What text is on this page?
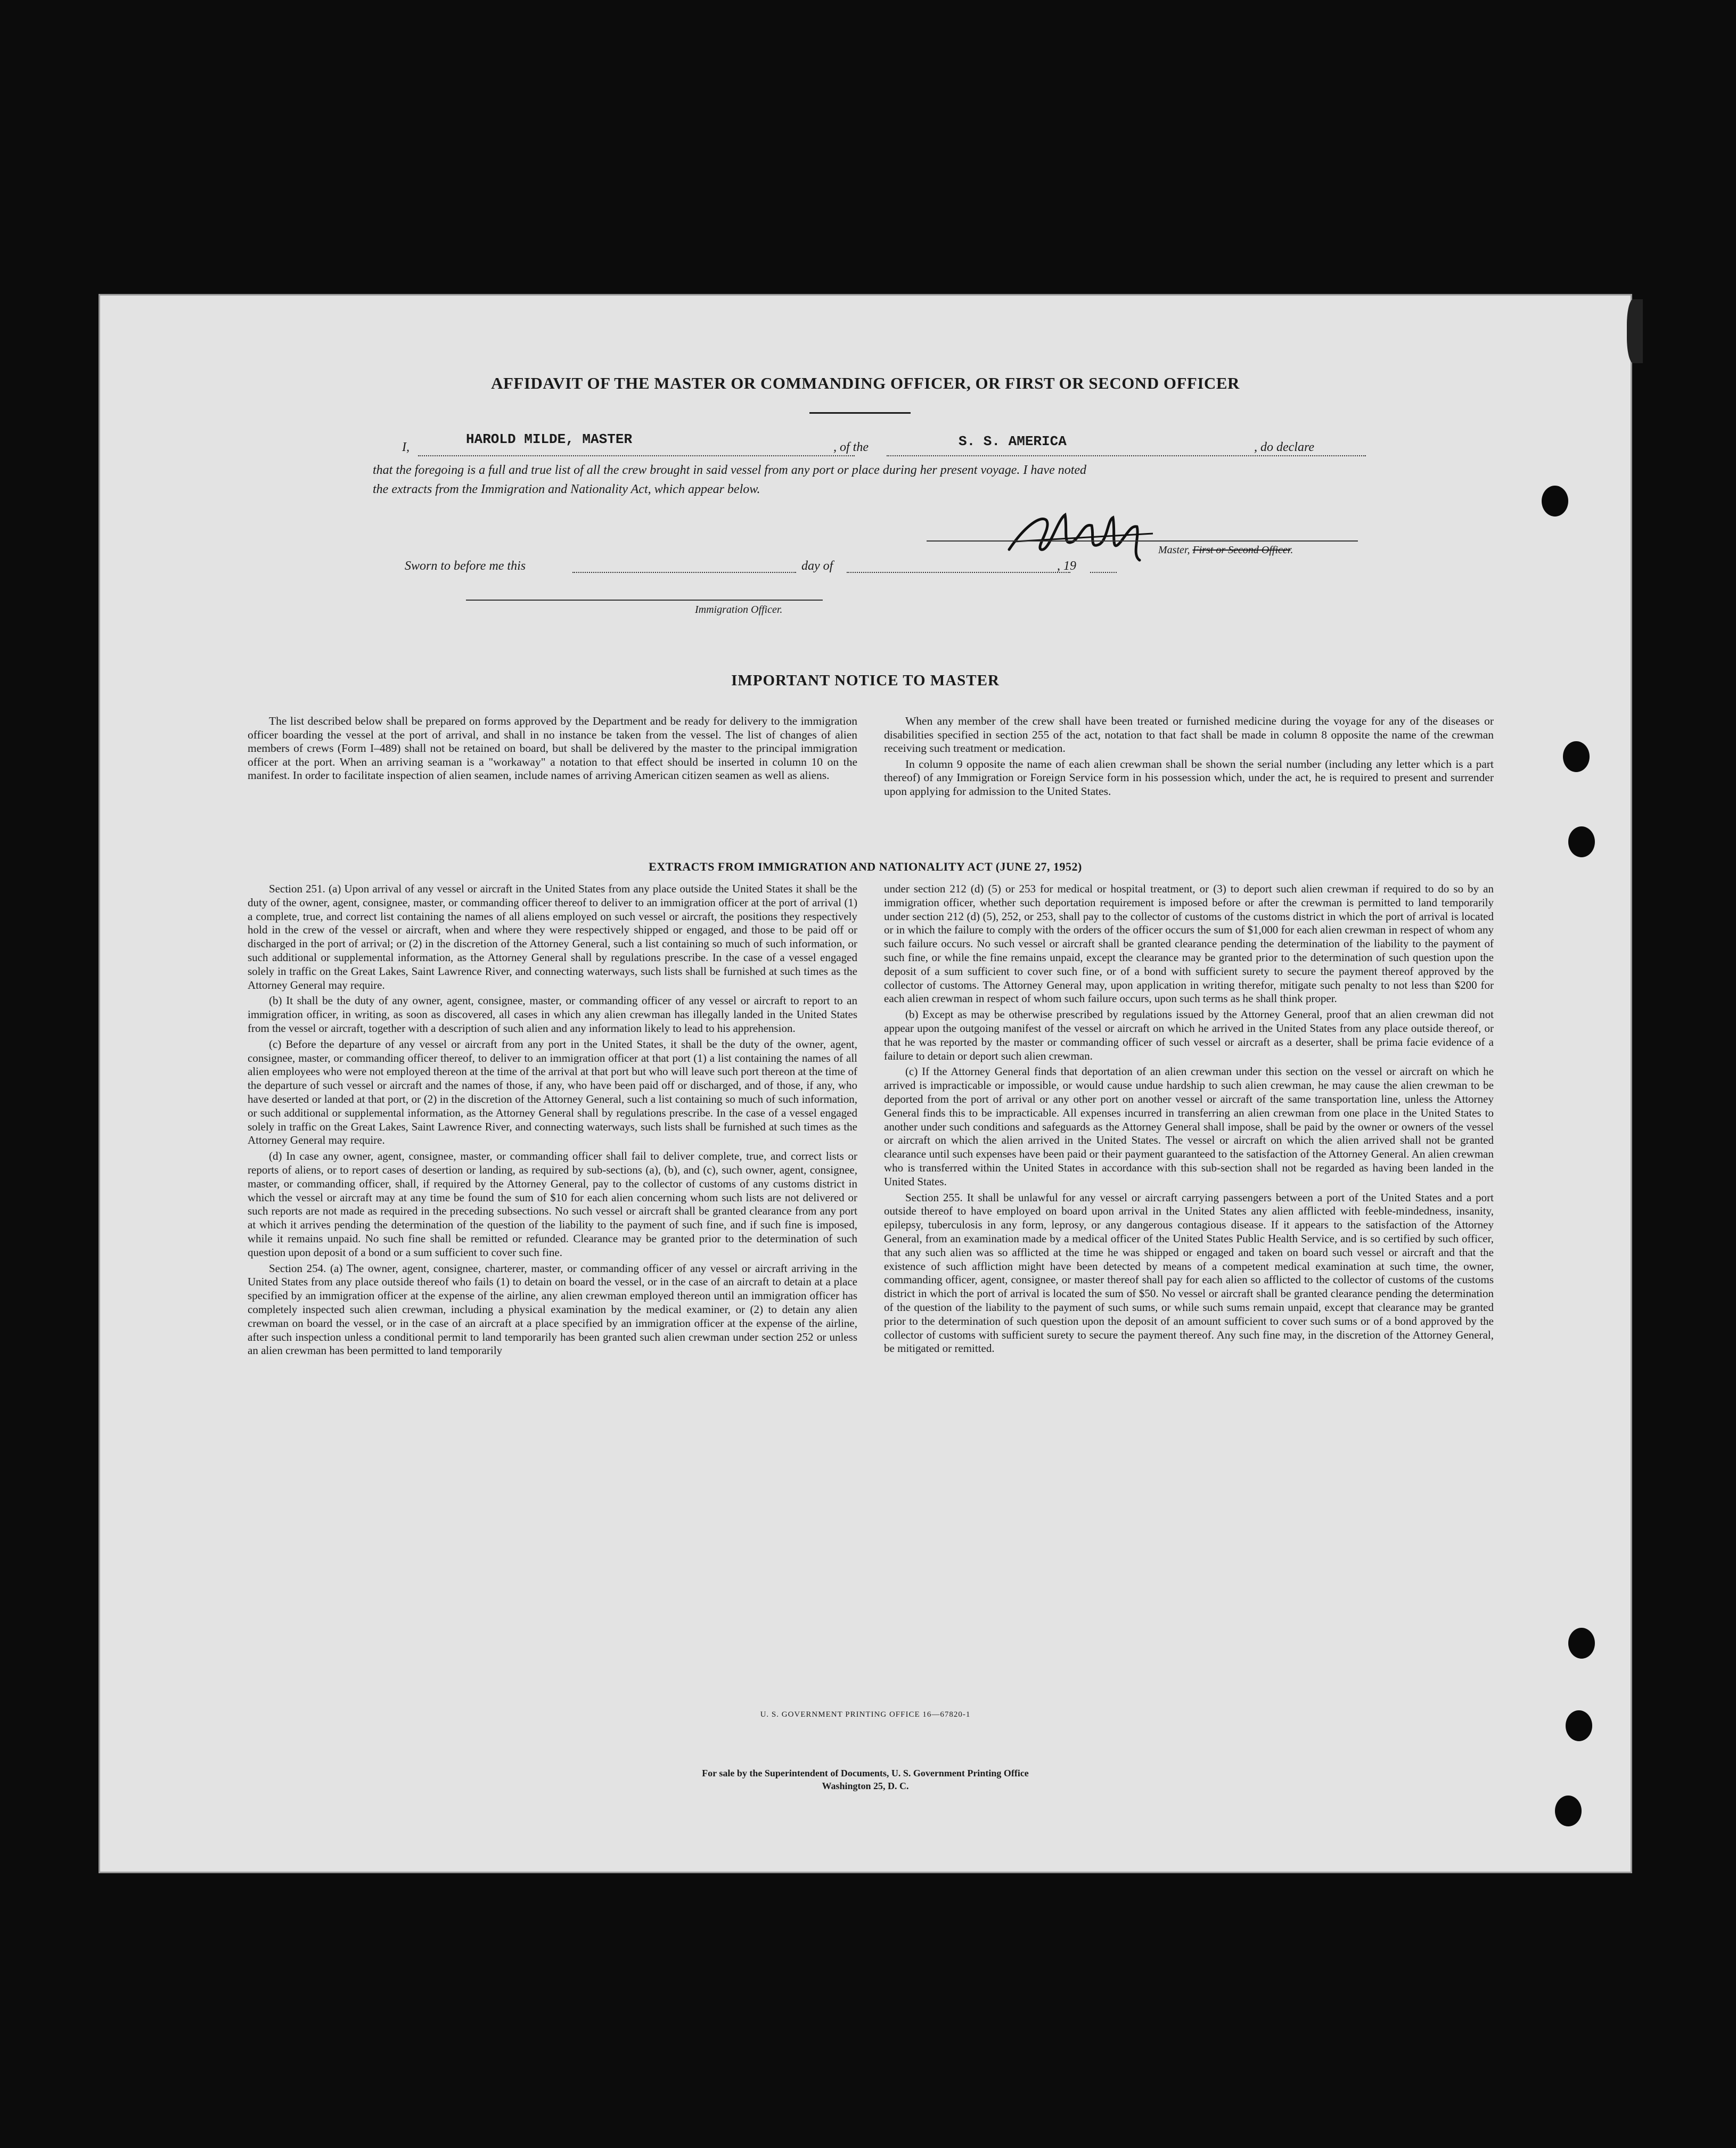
AFFIDAVIT OF THE MASTER OR COMMANDING OFFICER, OR FIRST OR SECOND OFFICER
I,	HAROLD MILDE, MASTER	, of the	S. S. AMERICA	, do declare
that the foregoing is a full and true list of all the crew brought in said vessel from any port or place during her present voyage. I have noted
the extracts from the Immigration and Nationality Act, which appear below.
Master, First or Second Officer.
Sworn to before me this	day of	, 19
Immigration Officer.
IMPORTANT NOTICE TO MASTER

The list described below shall be prepared on forms approved by the Department and be ready for delivery to the immigration officer boarding the vessel at the port of arrival, and shall in no instance be taken from the vessel. The list of changes of alien members of crews (Form I–489) shall not be retained on board, but shall be delivered by the master to the principal immigration officer at the port. When an arriving seaman is a "workaway" a notation to that effect should be inserted in column 10 on the manifest. In order to facilitate inspection of alien seamen, include names of arriving American citizen seamen as well as aliens.

When any member of the crew shall have been treated or furnished medicine during the voyage for any of the diseases or disabilities specified in section 255 of the act, notation to that fact shall be made in column 8 opposite the name of the crewman receiving such treatment or medication.

In column 9 opposite the name of each alien crewman shall be shown the serial number (including any letter which is a part thereof) of any Immigration or Foreign Service form in his possession which, under the act, he is required to present and surrender upon applying for admission to the United States.

EXTRACTS FROM IMMIGRATION AND NATIONALITY ACT (JUNE 27, 1952)

Section 251. (a) Upon arrival of any vessel or aircraft in the United States from any place outside the United States it shall be the duty of the owner, agent, consignee, master, or commanding officer thereof to deliver to an immigration officer at the port of arrival (1) a complete, true, and correct list containing the names of all aliens employed on such vessel or aircraft, the positions they respectively hold in the crew of the vessel or aircraft, when and where they were respectively shipped or engaged, and those to be paid off or discharged in the port of arrival; or (2) in the discretion of the Attorney General, such a list containing so much of such information, or such additional or supplemental information, as the Attorney General shall by regulations prescribe. In the case of a vessel engaged solely in traffic on the Great Lakes, Saint Lawrence River, and connecting waterways, such lists shall be furnished at such times as the Attorney General may require.

(b) It shall be the duty of any owner, agent, consignee, master, or commanding officer of any vessel or aircraft to report to an immigration officer, in writing, as soon as discovered, all cases in which any alien crewman has illegally landed in the United States from the vessel or aircraft, together with a description of such alien and any information likely to lead to his apprehension.

(c) Before the departure of any vessel or aircraft from any port in the United States, it shall be the duty of the owner, agent, consignee, master, or commanding officer thereof, to deliver to an immigration officer at that port (1) a list containing the names of all alien employees who were not employed thereon at the time of the arrival at that port but who will leave such port thereon at the time of the departure of such vessel or aircraft and the names of those, if any, who have been paid off or discharged, and of those, if any, who have deserted or landed at that port, or (2) in the discretion of the Attorney General, such a list containing so much of such information, or such additional or supplemental information, as the Attorney General shall by regulations prescribe. In the case of a vessel engaged solely in traffic on the Great Lakes, Saint Lawrence River, and connecting waterways, such lists shall be furnished at such times as the Attorney General may require.

(d) In case any owner, agent, consignee, master, or commanding officer shall fail to deliver complete, true, and correct lists or reports of aliens, or to report cases of desertion or landing, as required by sub-sections (a), (b), and (c), such owner, agent, consignee, master, or commanding officer, shall, if required by the Attorney General, pay to the collector of customs of any customs district in which the vessel or aircraft may at any time be found the sum of $10 for each alien concerning whom such lists are not delivered or such reports are not made as required in the preceding subsections. No such vessel or aircraft shall be granted clearance from any port at which it arrives pending the determination of the question of the liability to the payment of such fine, and if such fine is imposed, while it remains unpaid. No such fine shall be remitted or refunded. Clearance may be granted prior to the determination of such question upon deposit of a bond or a sum sufficient to cover such fine.

Section 254. (a) The owner, agent, consignee, charterer, master, or commanding officer of any vessel or aircraft arriving in the United States from any place outside thereof who fails (1) to detain on board the vessel, or in the case of an aircraft to detain at a place specified by an immigration officer at the expense of the airline, any alien crewman employed thereon until an immigration officer has completely inspected such alien crewman, including a physical examination by the medical examiner, or (2) to detain any alien crewman on board the vessel, or in the case of an aircraft at a place specified by an immigration officer at the expense of the airline, after such inspection unless a conditional permit to land temporarily has been granted such alien crewman under section 252 or unless an alien crewman has been permitted to land temporarily

under section 212 (d) (5) or 253 for medical or hospital treatment, or (3) to deport such alien crewman if required to do so by an immigration officer, whether such deportation requirement is imposed before or after the crewman is permitted to land temporarily under section 212 (d) (5), 252, or 253, shall pay to the collector of customs of the customs district in which the port of arrival is located or in which the failure to comply with the orders of the officer occurs the sum of $1,000 for each alien crewman in respect of whom any such failure occurs. No such vessel or aircraft shall be granted clearance pending the determination of the liability to the payment of such fine, or while the fine remains unpaid, except the clearance may be granted prior to the determination of such question upon the deposit of a sum sufficient to cover such fine, or of a bond with sufficient surety to secure the payment thereof approved by the collector of customs. The Attorney General may, upon application in writing therefor, mitigate such penalty to not less than $200 for each alien crewman in respect of whom such failure occurs, upon such terms as he shall think proper.

(b) Except as may be otherwise prescribed by regulations issued by the Attorney General, proof that an alien crewman did not appear upon the outgoing manifest of the vessel or aircraft on which he arrived in the United States from any place outside thereof, or that he was reported by the master or commanding officer of such vessel or aircraft as a deserter, shall be prima facie evidence of a failure to detain or deport such alien crewman.

(c) If the Attorney General finds that deportation of an alien crewman under this section on the vessel or aircraft on which he arrived is impracticable or impossible, or would cause undue hardship to such alien crewman, he may cause the alien crewman to be deported from the port of arrival or any other port on another vessel or aircraft of the same transportation line, unless the Attorney General finds this to be impracticable. All expenses incurred in transferring an alien crewman from one place in the United States to another under such conditions and safeguards as the Attorney General shall impose, shall be paid by the owner or owners of the vessel or aircraft on which the alien arrived in the United States. The vessel or aircraft on which the alien arrived shall not be granted clearance until such expenses have been paid or their payment guaranteed to the satisfaction of the Attorney General. An alien crewman who is transferred within the United States in accordance with this sub-section shall not be regarded as having been landed in the United States.

Section 255. It shall be unlawful for any vessel or aircraft carrying passengers between a port of the United States and a port outside thereof to have employed on board upon arrival in the United States any alien afflicted with feeble-mindedness, insanity, epilepsy, tuberculosis in any form, leprosy, or any dangerous contagious disease. If it appears to the satisfaction of the Attorney General, from an examination made by a medical officer of the United States Public Health Service, and is so certified by such officer, that any such alien was so afflicted at the time he was shipped or engaged and taken on board such vessel or aircraft and that the existence of such affliction might have been detected by means of a competent medical examination at such time, the owner, commanding officer, agent, consignee, or master thereof shall pay for each alien so afflicted to the collector of customs of the customs district in which the port of arrival is located the sum of $50. No vessel or aircraft shall be granted clearance pending the determination of the question of the liability to the payment of such sums, or while such sums remain unpaid, except that clearance may be granted prior to the determination of such question upon the deposit of an amount sufficient to cover such sums or of a bond approved by the collector of customs with sufficient surety to secure the payment thereof. Any such fine may, in the discretion of the Attorney General, be mitigated or remitted.

U. S. GOVERNMENT PRINTING OFFICE 16—67820-1
For sale by the Superintendent of Documents, U. S. Government Printing Office
Washington 25, D. C.
